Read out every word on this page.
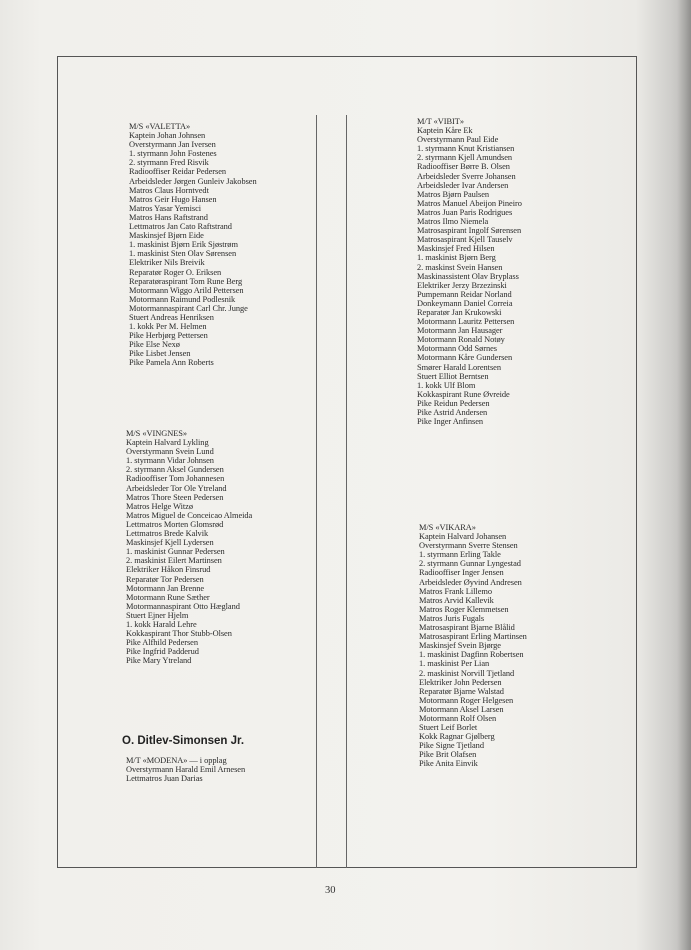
M/S «VALETTA»
Kaptein Johan Johnsen
Overstyrmann Jan Iversen
1. styrmann John Fostenes
2. styrmann Fred Risvik
Radiooffiser Reidar Pedersen
Arbeidsleder Jørgen Gunleiv Jakobsen
Matros Claus Horntvedt
Matros Geir Hugo Hansen
Matros Yasar Yemisci
Matros Hans Raftstrand
Lettmatros Jan Cato Raftstrand
Maskinsjef Bjørn Eide
1. maskinist Bjørn Erik Sjøstrøm
1. maskinist Sten Olav Sørensen
Elektriker Nils Breivik
Reparatør Roger O. Eriksen
Reparatøraspirant Tom Rune Berg
Motormann Wiggo Arild Pettersen
Motormann Raimund Podlesnik
Motormannaspirant Carl Chr. Junge
Stuert Andreas Henriksen
1. kokk Per M. Helmen
Pike Herbjørg Pettersen
Pike Else Nexø
Pike Lisbet Jensen
Pike Pamela Ann Roberts
M/S «VINGNES»
Kaptein Halvard Lykling
Overstyrmann Svein Lund
1. styrmann Vidar Johnsen
2. styrmann Aksel Gundersen
Radiooffiser Tom Johannesen
Arbeidsleder Tor Ole Ytreland
Matros Thore Steen Pedersen
Matros Helge Witzø
Matros Miguel de Conceicao Almeida
Lettmatros Morten Glomsrød
Lettmatros Brede Kalvik
Maskinsjef Kjell Lydersen
1. maskinist Gunnar Pedersen
2. maskinist Eilert Martinsen
Elektriker Håkon Finsrud
Reparatør Tor Pedersen
Motormann Jan Brenne
Motormann Rune Sæther
Motormannaspirant Otto Hægland
Stuert Ejner Hjelm
1. kokk Harald Lehre
Kokkaspirant Thor Stubb-Olsen
Pike Alfhild Pedersen
Pike Ingfrid Padderud
Pike Mary Ytreland
O. Ditlev-Simonsen Jr.
M/T «MODENA» — i opplag
Overstyrmann Harald Emil Arnesen
Lettmatros Juan Darias
M/T «VIBIT»
Kaptein Kåre Ek
Overstyrmann Paul Eide
1. styrmann Knut Kristiansen
2. styrmann Kjell Amundsen
Radiooffiser Børre B. Olsen
Arbeidsleder Sverre Johansen
Arbeidsleder Ivar Andersen
Matros Bjørn Paulsen
Matros Manuel Abeijon Pineiro
Matros Juan Paris Rodrigues
Matros Ilmo Niemela
Matrosaspirant Ingolf Sørensen
Matrosaspirant Kjell Tauselv
Maskinsjef Fred Hilsen
1. maskinist Bjørn Berg
2. maskinst Svein Hansen
Maskinassistent Olav Bryplass
Elektriker Jerzy Brzezinski
Pumpemann Reidar Norland
Donkeymann Daniel Correia
Reparatør Jan Krukowski
Motormann Lauritz Pettersen
Motormann Jan Hausager
Motormann Ronald Notøy
Motormann Odd Sørnes
Motormann Kåre Gundersen
Smører Harald Lorentsen
Stuert Elliot Berntsen
1. kokk Ulf Blom
Kokkaspirant Rune Øvreide
Pike Reidun Pedersen
Pike Astrid Andersen
Pike Inger Anfinsen
M/S «VIKARA»
Kaptein Halvard Johansen
Overstyrmann Sverre Stensen
1. styrmann Erling Takle
2. styrmann Gunnar Lyngestad
Radiooffiser Inger Jensen
Arbeidsleder Øyvind Andresen
Matros Frank Lillemo
Matros Arvid Kallevik
Matros Roger Klemmetsen
Matros Juris Fugals
Matrosaspirant Bjarne Blålid
Matrosaspirant Erling Martinsen
Maskinsjef Svein Bjørge
1. maskinist Dagfinn Robertsen
1. maskinist Per Lian
2. maskinist Norvill Tjetland
Elektriker John Pedersen
Reparatør Bjarne Walstad
Motormann Roger Helgesen
Motormann Aksel Larsen
Motormann Rolf Olsen
Stuert Leif Borlet
Kokk Ragnar Gjølberg
Pike Signe Tjetland
Pike Brit Olafsen
Pike Anita Einvik
30
